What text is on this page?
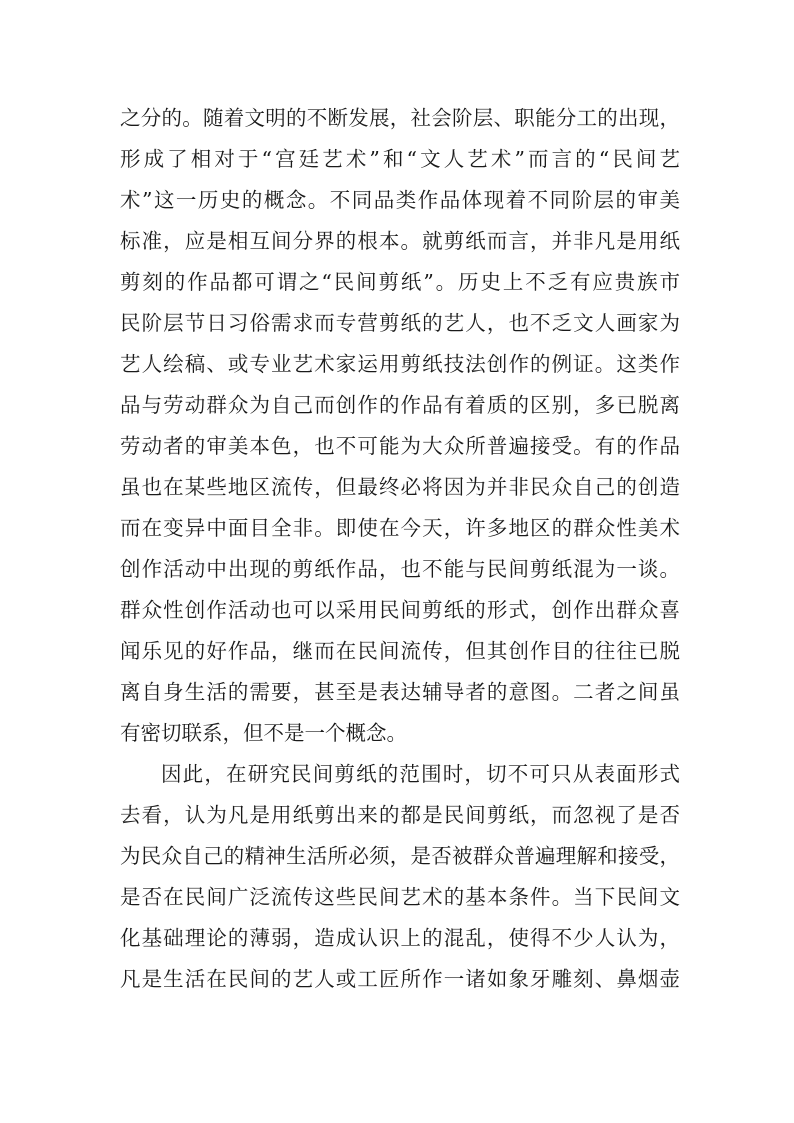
之分的。随着文明的不断发展，社会阶层、职能分工的出现，
形成了相对于“宫廷艺术”和“文人艺术”而言的“民间艺
术”这一历史的概念。不同品类作品体现着不同阶层的审美
标准，应是相互间分界的根本。就剪纸而言，并非凡是用纸
剪刻的作品都可谓之“民间剪纸”。历史上不乏有应贵族市
民阶层节日习俗需求而专营剪纸的艺人，也不乏文人画家为
艺人绘稿、或专业艺术家运用剪纸技法创作的例证。这类作
品与劳动群众为自己而创作的作品有着质的区别，多已脱离
劳动者的审美本色，也不可能为大众所普遍接受。有的作品
虽也在某些地区流传，但最终必将因为并非民众自己的创造
而在变异中面目全非。即使在今天，许多地区的群众性美术
创作活动中出现的剪纸作品，也不能与民间剪纸混为一谈。
群众性创作活动也可以采用民间剪纸的形式，创作出群众喜
闻乐见的好作品，继而在民间流传，但其创作目的往往已脱
离自身生活的需要，甚至是表达辅导者的意图。二者之间虽
有密切联系，但不是一个概念。
因此，在研究民间剪纸的范围时，切不可只从表面形式
去看，认为凡是用纸剪出来的都是民间剪纸，而忽视了是否
为民众自己的精神生活所必须，是否被群众普遍理解和接受，
是否在民间广泛流传这些民间艺术的基本条件。当下民间文
化基础理论的薄弱，造成认识上的混乱，使得不少人认为，
凡是生活在民间的艺人或工匠所作一诸如象牙雕刻、鼻烟壶
